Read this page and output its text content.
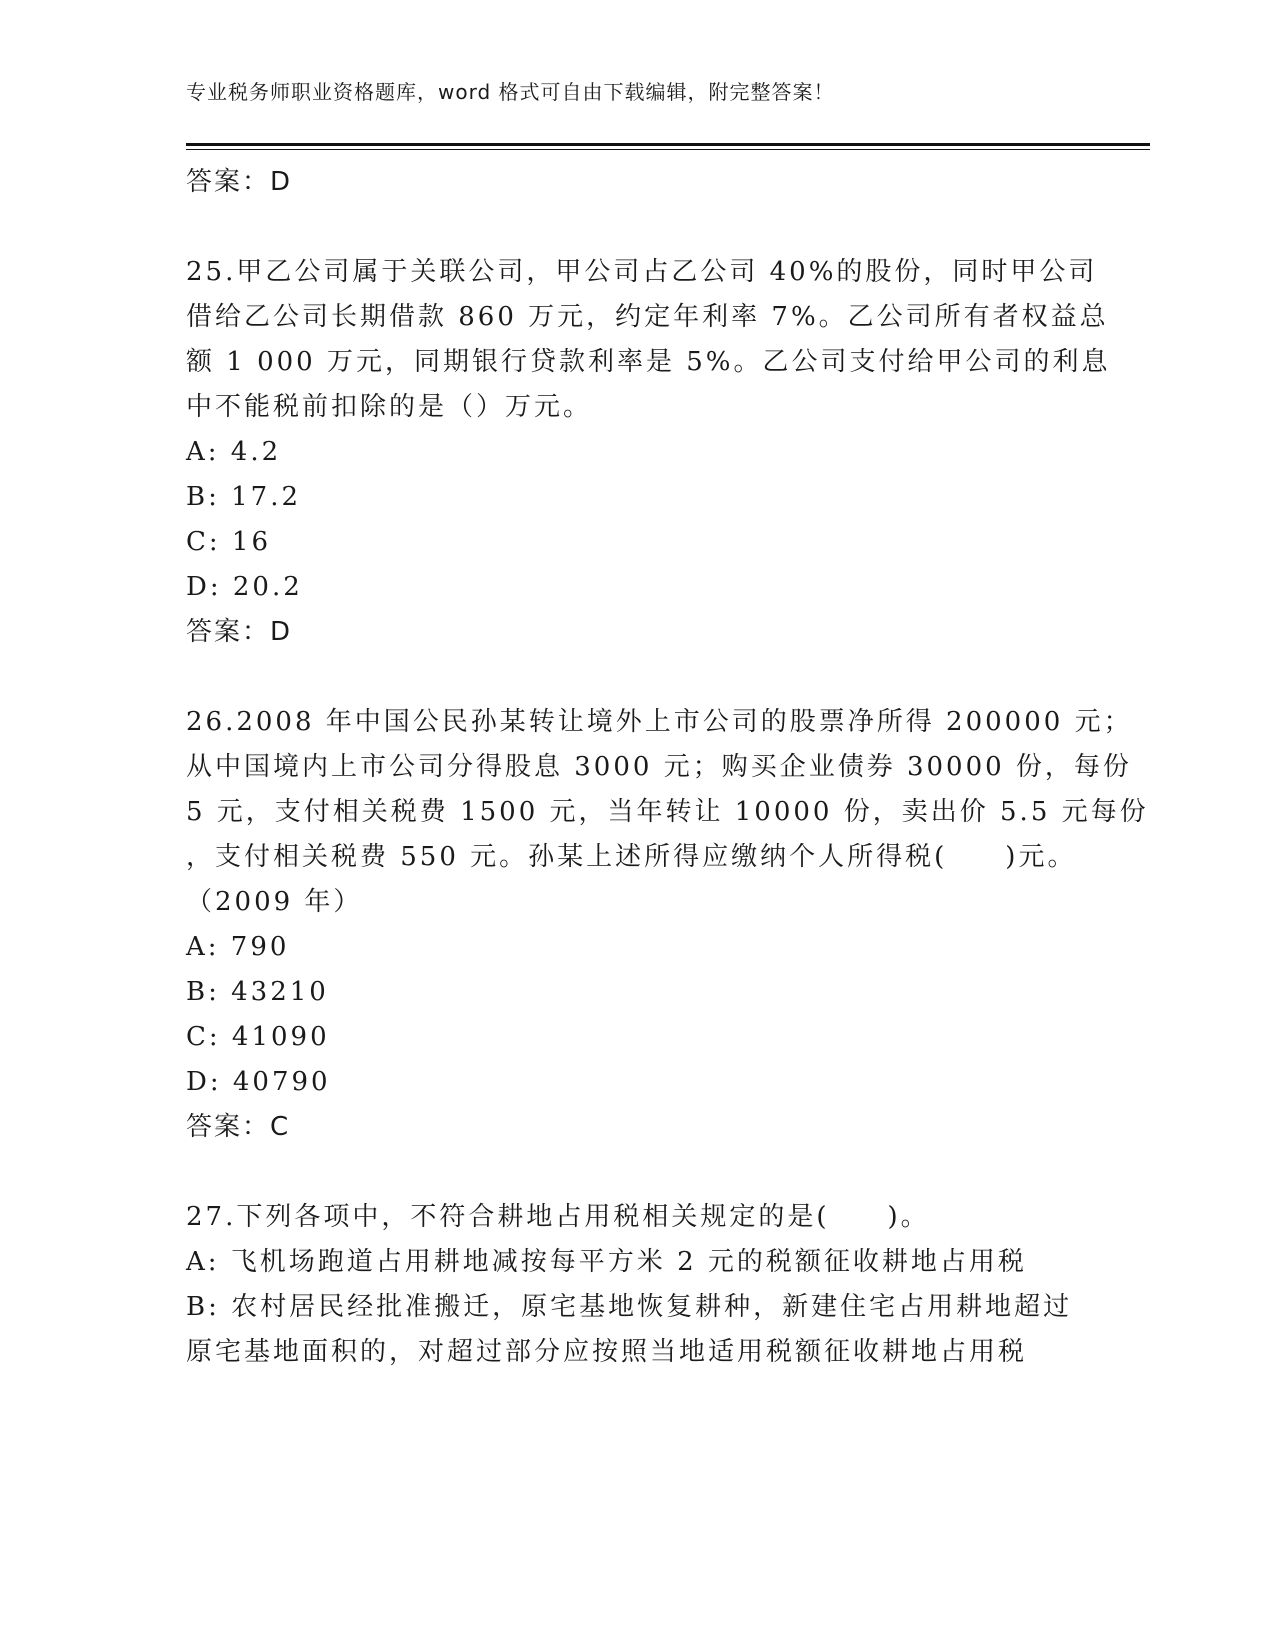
专业税务师职业资格题库，word 格式可自由下载编辑，附完整答案！
答案：D
25.甲乙公司属于关联公司，甲公司占乙公司 40%的股份，同时甲公司
借给乙公司长期借款 860 万元，约定年利率 7%。乙公司所有者权益总
额 1 000 万元，同期银行贷款利率是 5%。乙公司支付给甲公司的利息
中不能税前扣除的是（）万元。
A: 4.2
B: 17.2
C: 16
D: 20.2
答案：D
26.2008 年中国公民孙某转让境外上市公司的股票净所得 200000 元；
从中国境内上市公司分得股息 3000 元；购买企业债券 30000 份，每份
5 元，支付相关税费 1500 元，当年转让 10000 份，卖出价 5.5 元每份
，支付相关税费 550 元。孙某上述所得应缴纳个人所得税(　　)元。
（2009 年）
A: 790
B: 43210
C: 41090
D: 40790
答案：C
27.下列各项中，不符合耕地占用税相关规定的是(　　)。
A: 飞机场跑道占用耕地减按每平方米 2 元的税额征收耕地占用税
B: 农村居民经批准搬迁，原宅基地恢复耕种，新建住宅占用耕地超过
原宅基地面积的，对超过部分应按照当地适用税额征收耕地占用税
